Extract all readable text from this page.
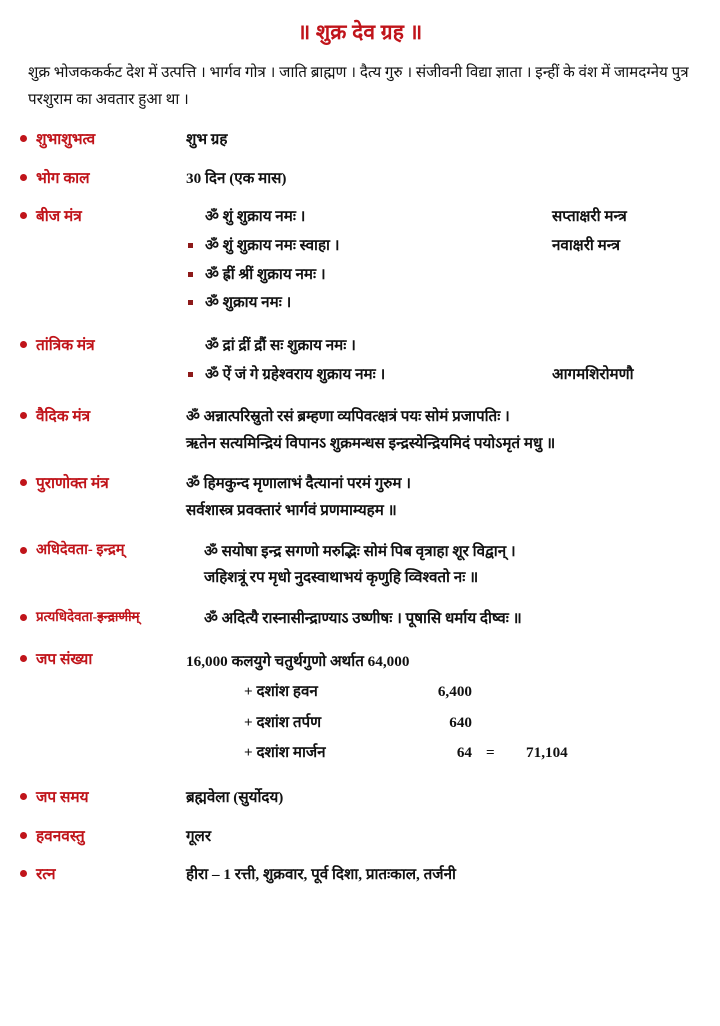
॥ शुक्र देव ग्रह ॥
शुक्र भोजककर्कट देश में उत्पत्ति । भार्गव गोत्र । जाति ब्राह्मण । दैत्य गुरु । संजीवनी विद्या ज्ञाता । इन्हीं के वंश में जामदग्नेय पुत्र परशुराम का अवतार हुआ था ।
शुभाशुभत्व	शुभ ग्रह
भोग काल	30 दिन (एक मास)
बीज मंत्र	ॐ शुं शुक्राय नमः ।	सप्ताक्षरी मन्त्र
ॐ शुं शुक्राय नमः स्वाहा ।	नवाक्षरी मन्त्र
ॐ ह्रीं श्रीं शुक्राय नमः ।
ॐ शुक्राय नमः ।
तांत्रिक मंत्र	ॐ द्रां द्रीं द्रौं सः शुक्राय नमः ।
ॐ ऐं जं गे ग्रहेश्वराय शुक्राय नमः ।	आगमशिरोमणौ
वैदिक मंत्र	ॐ अन्नात्परिस्रुतो रसं ब्रम्हणा व्यपिवत्क्षत्रं पयः सोमं प्रजापतिः ।
ऋतेन सत्यमिन्द्रियं विपानऽ शुक्रमन्धस इन्द्रस्येन्द्रियमिदं पयोऽमृतं मधु ॥
पुराणोक्त मंत्र	ॐ हिमकुन्द मृणालाभं दैत्यानां परमं गुरुम ।
सर्वशास्त्र प्रवक्तारं भार्गवं प्रणमाम्यहम ॥
अधिदेवता- इन्द्रम्	ॐ सयोषा इन्द्र सगणो मरुद्भिः सोमं पिब वृत्राहा शूर विद्वान् ।
जहिशत्रूं रप मृधो नुदस्वाथाभयं कृणुहि व्विश्वतो नः ॥
प्रत्यधिदेवता-इन्द्राणीम्	ॐ अदित्यै रास्नासीन्द्राण्याऽ उष्णीषः । पूषासि धर्माय दीष्वः ॥
जप संख्या	16,000 कलयुगे चतुर्थगुणो अर्थात 64,000
+ दशांश हवन	6,400
+ दशांश तर्पण	640
+ दशांश मार्जन	64 =	71,104
जप समय	ब्रह्मवेला (सुर्योदय)
हवनवस्तु	गूलर
रत्न	हीरा – 1 रत्ती, शुक्रवार, पूर्व दिशा, प्रातःकाल, तर्जनी
